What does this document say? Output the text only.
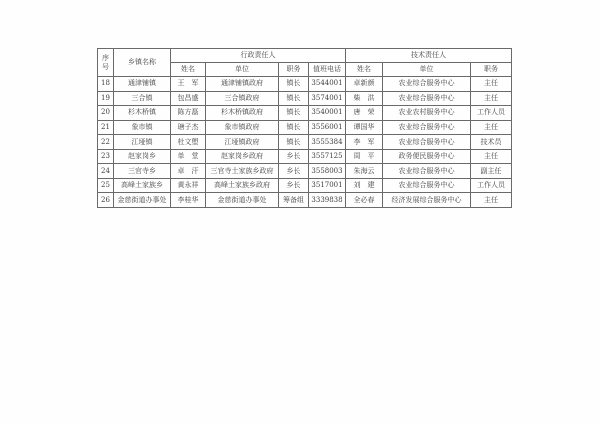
序号	乡镇名称	行政责任人				技术责任人		
		姓名	单位	职务	值班电话	姓名	单位	职务
18	通津铺镇	王　军	通津铺镇政府	镇长	3544001	卓新颜	农业综合服务中心	主任
19	三合镇	包昌盛	三合镇政府	镇长	3574001	柴　洪	农业综合服务中心	主任
20	杉木桥镇	陈方磊	杉木桥镇政府	镇长	3540001	唐　荣	农业农村服务中心	工作人员
21	象市镇	瑭子杰	象市镇政府	镇长	3556001	谭国华	农业综合服务中心	主任
22	江垭镇	杜文塱	江垭镇政府	镇长	3555384	李　军	农业综合服务中心	技术员
23	赵家岗乡	单　堂	赵家岗乡政府	乡长	3557125	周　平	政务便民服务中心	主任
24	三官寺乡	卓　汗	三官寺土家族乡政府	乡长	3558003	朱海云	农业综合服务中心	副主任
25	高峰土家族乡	黄永祥	高峰土家族乡政府	乡长	3517001	刘　建	农业综合服务中心	工作人员
26	金慈街道办事处	李桂华	金慈街道办事处	筹备组	3339838	全必春	经济发展综合服务中心	主任
